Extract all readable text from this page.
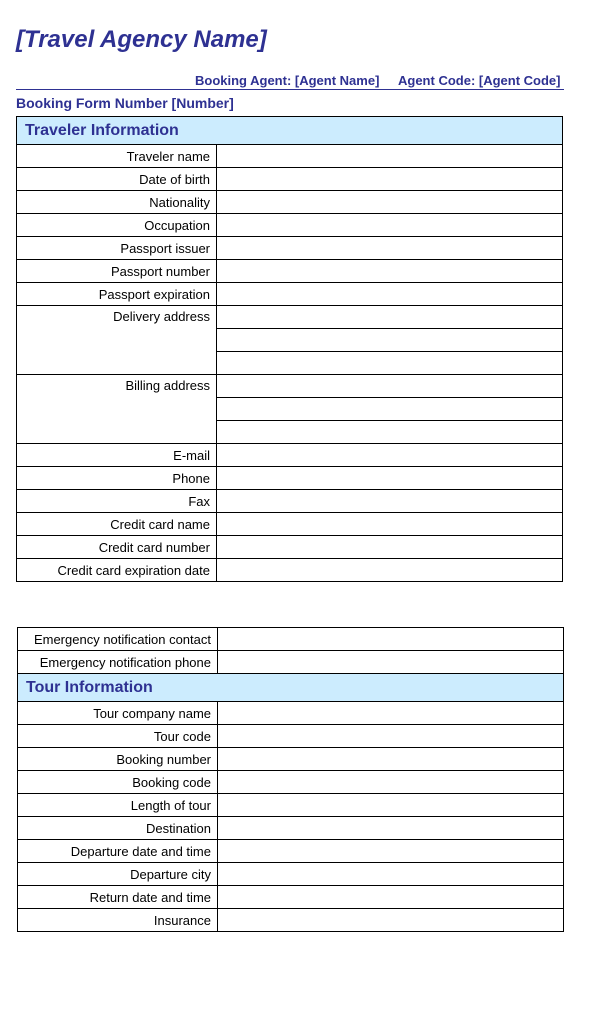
[Travel Agency Name]
Booking Agent: [Agent Name] Agent Code: [Agent Code]
Booking Form Number [Number]
Traveler Information	
Traveler name	
Date of birth	
Nationality	
Occupation	
Passport issuer	
Passport number	
Passport expiration	
Delivery address	

Billing address	

E-mail	
Phone	
Fax	
Credit card name	
Credit card number	
Credit card expiration date	
Emergency notification contact	
Emergency notification phone	
Tour Information	
Tour company name	
Tour code	
Booking number	
Booking code	
Length of tour	
Destination	
Departure date and time	
Departure city	
Return date and time	
Insurance	
